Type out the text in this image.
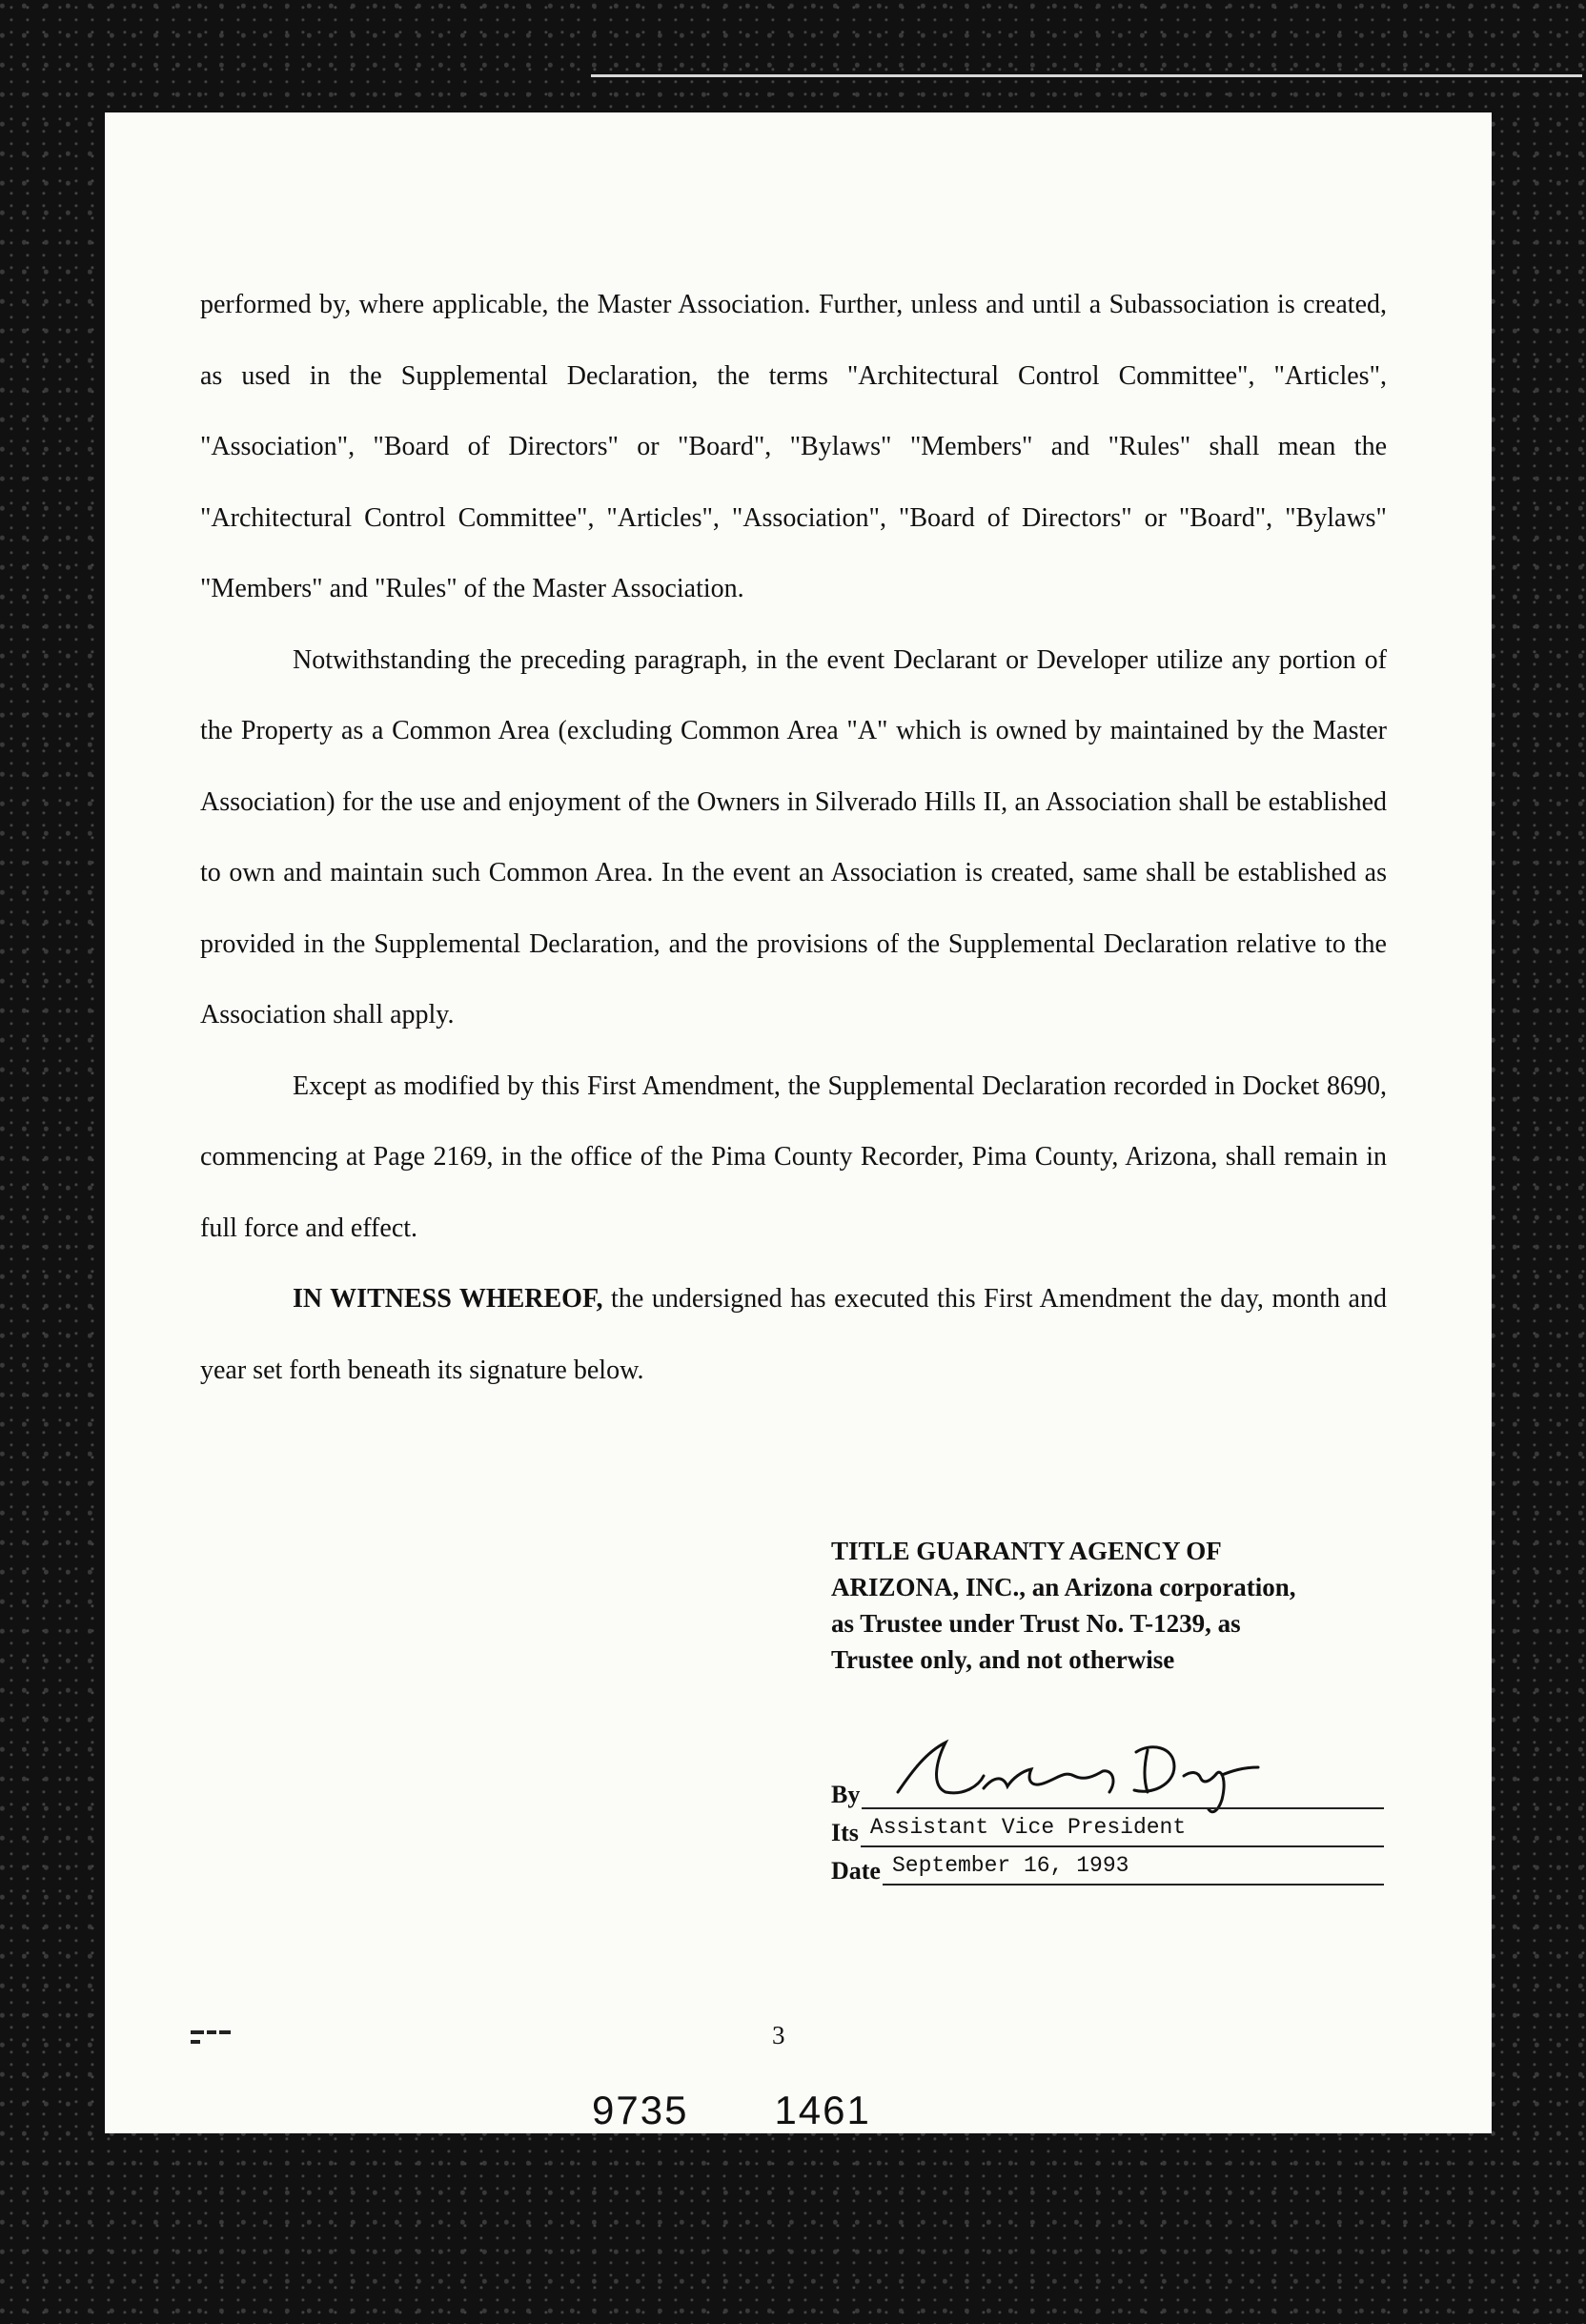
performed by, where applicable, the Master Association. Further, unless and until a Subassociation is created, as used in the Supplemental Declaration, the terms "Architectural Control Committee", "Articles", "Association", "Board of Directors" or "Board", "Bylaws" "Members" and "Rules" shall mean the "Architectural Control Committee", "Articles", "Association", "Board of Directors" or "Board", "Bylaws" "Members" and "Rules" of the Master Association.

Notwithstanding the preceding paragraph, in the event Declarant or Developer utilize any portion of the Property as a Common Area (excluding Common Area "A" which is owned by maintained by the Master Association) for the use and enjoyment of the Owners in Silverado Hills II, an Association shall be established to own and maintain such Common Area. In the event an Association is created, same shall be established as provided in the Supplemental Declaration, and the provisions of the Supplemental Declaration relative to the Association shall apply.

Except as modified by this First Amendment, the Supplemental Declaration recorded in Docket 8690, commencing at Page 2169, in the office of the Pima County Recorder, Pima County, Arizona, shall remain in full force and effect.

IN WITNESS WHEREOF, the undersigned has executed this First Amendment the day, month and year set forth beneath its signature below.

TITLE GUARANTY AGENCY OF
ARIZONA, INC., an Arizona corporation,
as Trustee under Trust No. T-1239, as
Trustee only, and not otherwise
By
Its Assistant Vice President
Date September 16, 1993
3
9735 1461
